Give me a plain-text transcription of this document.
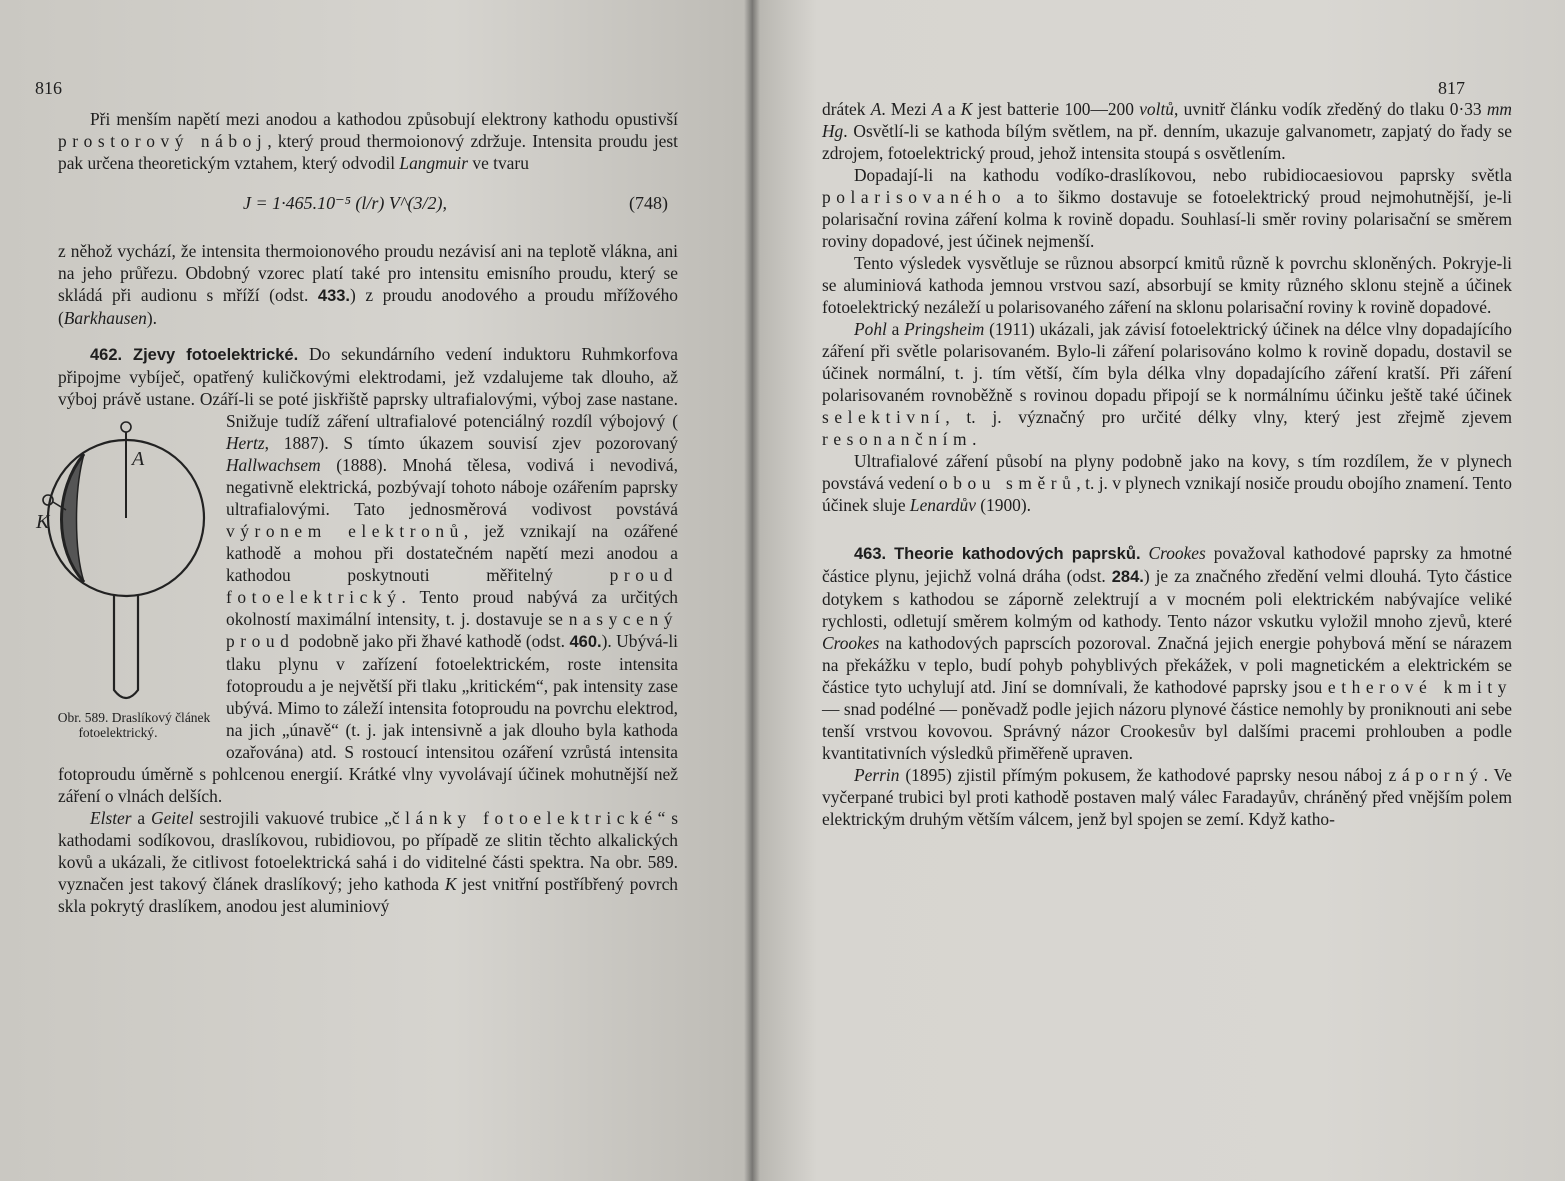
816

Při menším napětí mezi anodou a kathodou způsobují elektrony kathodu opustivší prostorový náboj, který proud thermoionový zdržuje. Intensita proudu jest pak určena theoretickým vztahem, který odvodil Langmuir ve tvaru

J = 1·465.10⁻⁵ (l/r) V^(3/2),	(748)

z něhož vychází, že intensita thermoionového proudu nezávisí ani na teplotě vlákna, ani na jeho průřezu. Obdobný vzorec platí také pro intensitu emisního proudu, který se skládá při audionu s mříží (odst. 433.) z proudu anodového a proudu mřížového (Barkhausen).

462. Zjevy fotoelektrické. Do sekundárního vedení induktoru Ruhmkorfova připojme vybíječ, opatřený kuličkovými elektrodami, jež vzdalujeme tak dlouho, až výboj právě ustane. Ozáří-li se poté jiskřiště paprsky ultrafialovými, výboj zase nastane. Snižuje tudíž záření ultrafialové potenciálný rozdíl výbojový (
A
K
Obr. 589. Draslíkový článek fotoelektrický.
Hertz, 1887). S tímto úkazem souvisí zjev pozorovaný Hallwachsem (1888). Mnohá tělesa, vodivá i nevodivá, negativně elektrická, pozbývají tohoto náboje ozářením paprsky ultrafialovými. Tato jednosměrová vodivost povstává výronem elektronů, jež vznikají na ozářené kathodě a mohou při dostatečném napětí mezi anodou a kathodou poskytnouti měřitelný proud fotoelektrický. Tento proud nabývá za určitých okolností maximální intensity, t. j. dostavuje se nasycený proud podobně jako při žhavé kathodě (odst. 460.). Ubývá-li tlaku plynu v zařízení fotoelektrickém, roste intensita fotoproudu a je největší při tlaku „kritickém“, pak intensity zase ubývá. Mimo to záleží intensita fotoproudu na povrchu elektrod, na jich „únavě“ (t. j. jak intensivně a jak dlouho byla kathoda ozařována) atd. S rostoucí intensitou ozáření vzrůstá intensita fotoproudu úměrně s pohlcenou energií. Krátké vlny vyvolávají účinek mohutnější než záření o vlnách delších.

Elster a Geitel sestrojili vakuové trubice „články fotoelektrické“ s kathodami sodíkovou, draslíkovou, rubidiovou, po případě ze slitin těchto alkalických kovů a ukázali, že citlivost fotoelektrická sahá i do viditelné části spektra. Na obr. 589. vyznačen jest takový článek draslíkový; jeho kathoda K jest vnitřní postříbřený povrch skla pokrytý draslíkem, anodou jest aluminiový

817

drátek A. Mezi A a K jest batterie 100—200 voltů, uvnitř článku vodík zředěný do tlaku 0·33 mm Hg. Osvětlí-li se kathoda bílým světlem, na př. denním, ukazuje galvanometr, zapjatý do řady se zdrojem, fotoelektrický proud, jehož intensita stoupá s osvětlením.

Dopadají-li na kathodu vodíko-draslíkovou, nebo rubidiocaesiovou paprsky světla polarisovaného a to šikmo dostavuje se fotoelektrický proud nejmohutnější, je-li polarisační rovina záření kolma k rovině dopadu. Souhlasí-li směr roviny polarisační se směrem roviny dopadové, jest účinek nejmenší.

Tento výsledek vysvětluje se různou absorpcí kmitů různě k povrchu skloněných. Pokryje-li se aluminiová kathoda jemnou vrstvou sazí, absorbují se kmity různého sklonu stejně a účinek fotoelektrický nezáleží u polarisovaného záření na sklonu polarisační roviny k rovině dopadové.

Pohl a Pringsheim (1911) ukázali, jak závisí fotoelektrický účinek na délce vlny dopadajícího záření při světle polarisovaném. Bylo-li záření polarisováno kolmo k rovině dopadu, dostavil se účinek normální, t. j. tím větší, čím byla délka vlny dopadajícího záření kratší. Při záření polarisovaném rovnoběžně s rovinou dopadu připojí se k normálnímu účinku ještě také účinek selektivní, t. j. význačný pro určité délky vlny, který jest zřejmě zjevem resonančním.

Ultrafialové záření působí na plyny podobně jako na kovy, s tím rozdílem, že v plynech povstává vedení obou směrů, t. j. v plynech vznikají nosiče proudu obojího znamení. Tento účinek sluje Lenardův (1900).

463. Theorie kathodových paprsků. Crookes považoval kathodové paprsky za hmotné částice plynu, jejichž volná dráha (odst. 284.) je za značného zředění velmi dlouhá. Tyto částice dotykem s kathodou se záporně zelektrují a v mocném poli elektrickém nabývajíce veliké rychlosti, odletují směrem kolmým od kathody. Tento názor vskutku vyložil mnoho zjevů, které Crookes na kathodových paprscích pozoroval. Značná jejich energie pohybová mění se nárazem na překážku v teplo, budí pohyb pohyblivých překážek, v poli magnetickém a elektrickém se částice tyto uchylují atd. Jiní se domnívali, že kathodové paprsky jsou etherové kmity — snad podélné — poněvadž podle jejich názoru plynové částice nemohly by proniknouti ani sebe tenší vrstvou kovovou. Správný názor Crookesův byl dalšími pracemi prohlouben a podle kvantitativních výsledků přiměřeně upraven.

Perrin (1895) zjistil přímým pokusem, že kathodové paprsky nesou náboj záporný. Ve vyčerpané trubici byl proti kathodě postaven malý válec Faradayův, chráněný před vnějším polem elektrickým druhým větším válcem, jenž byl spojen se zemí. Když katho-
